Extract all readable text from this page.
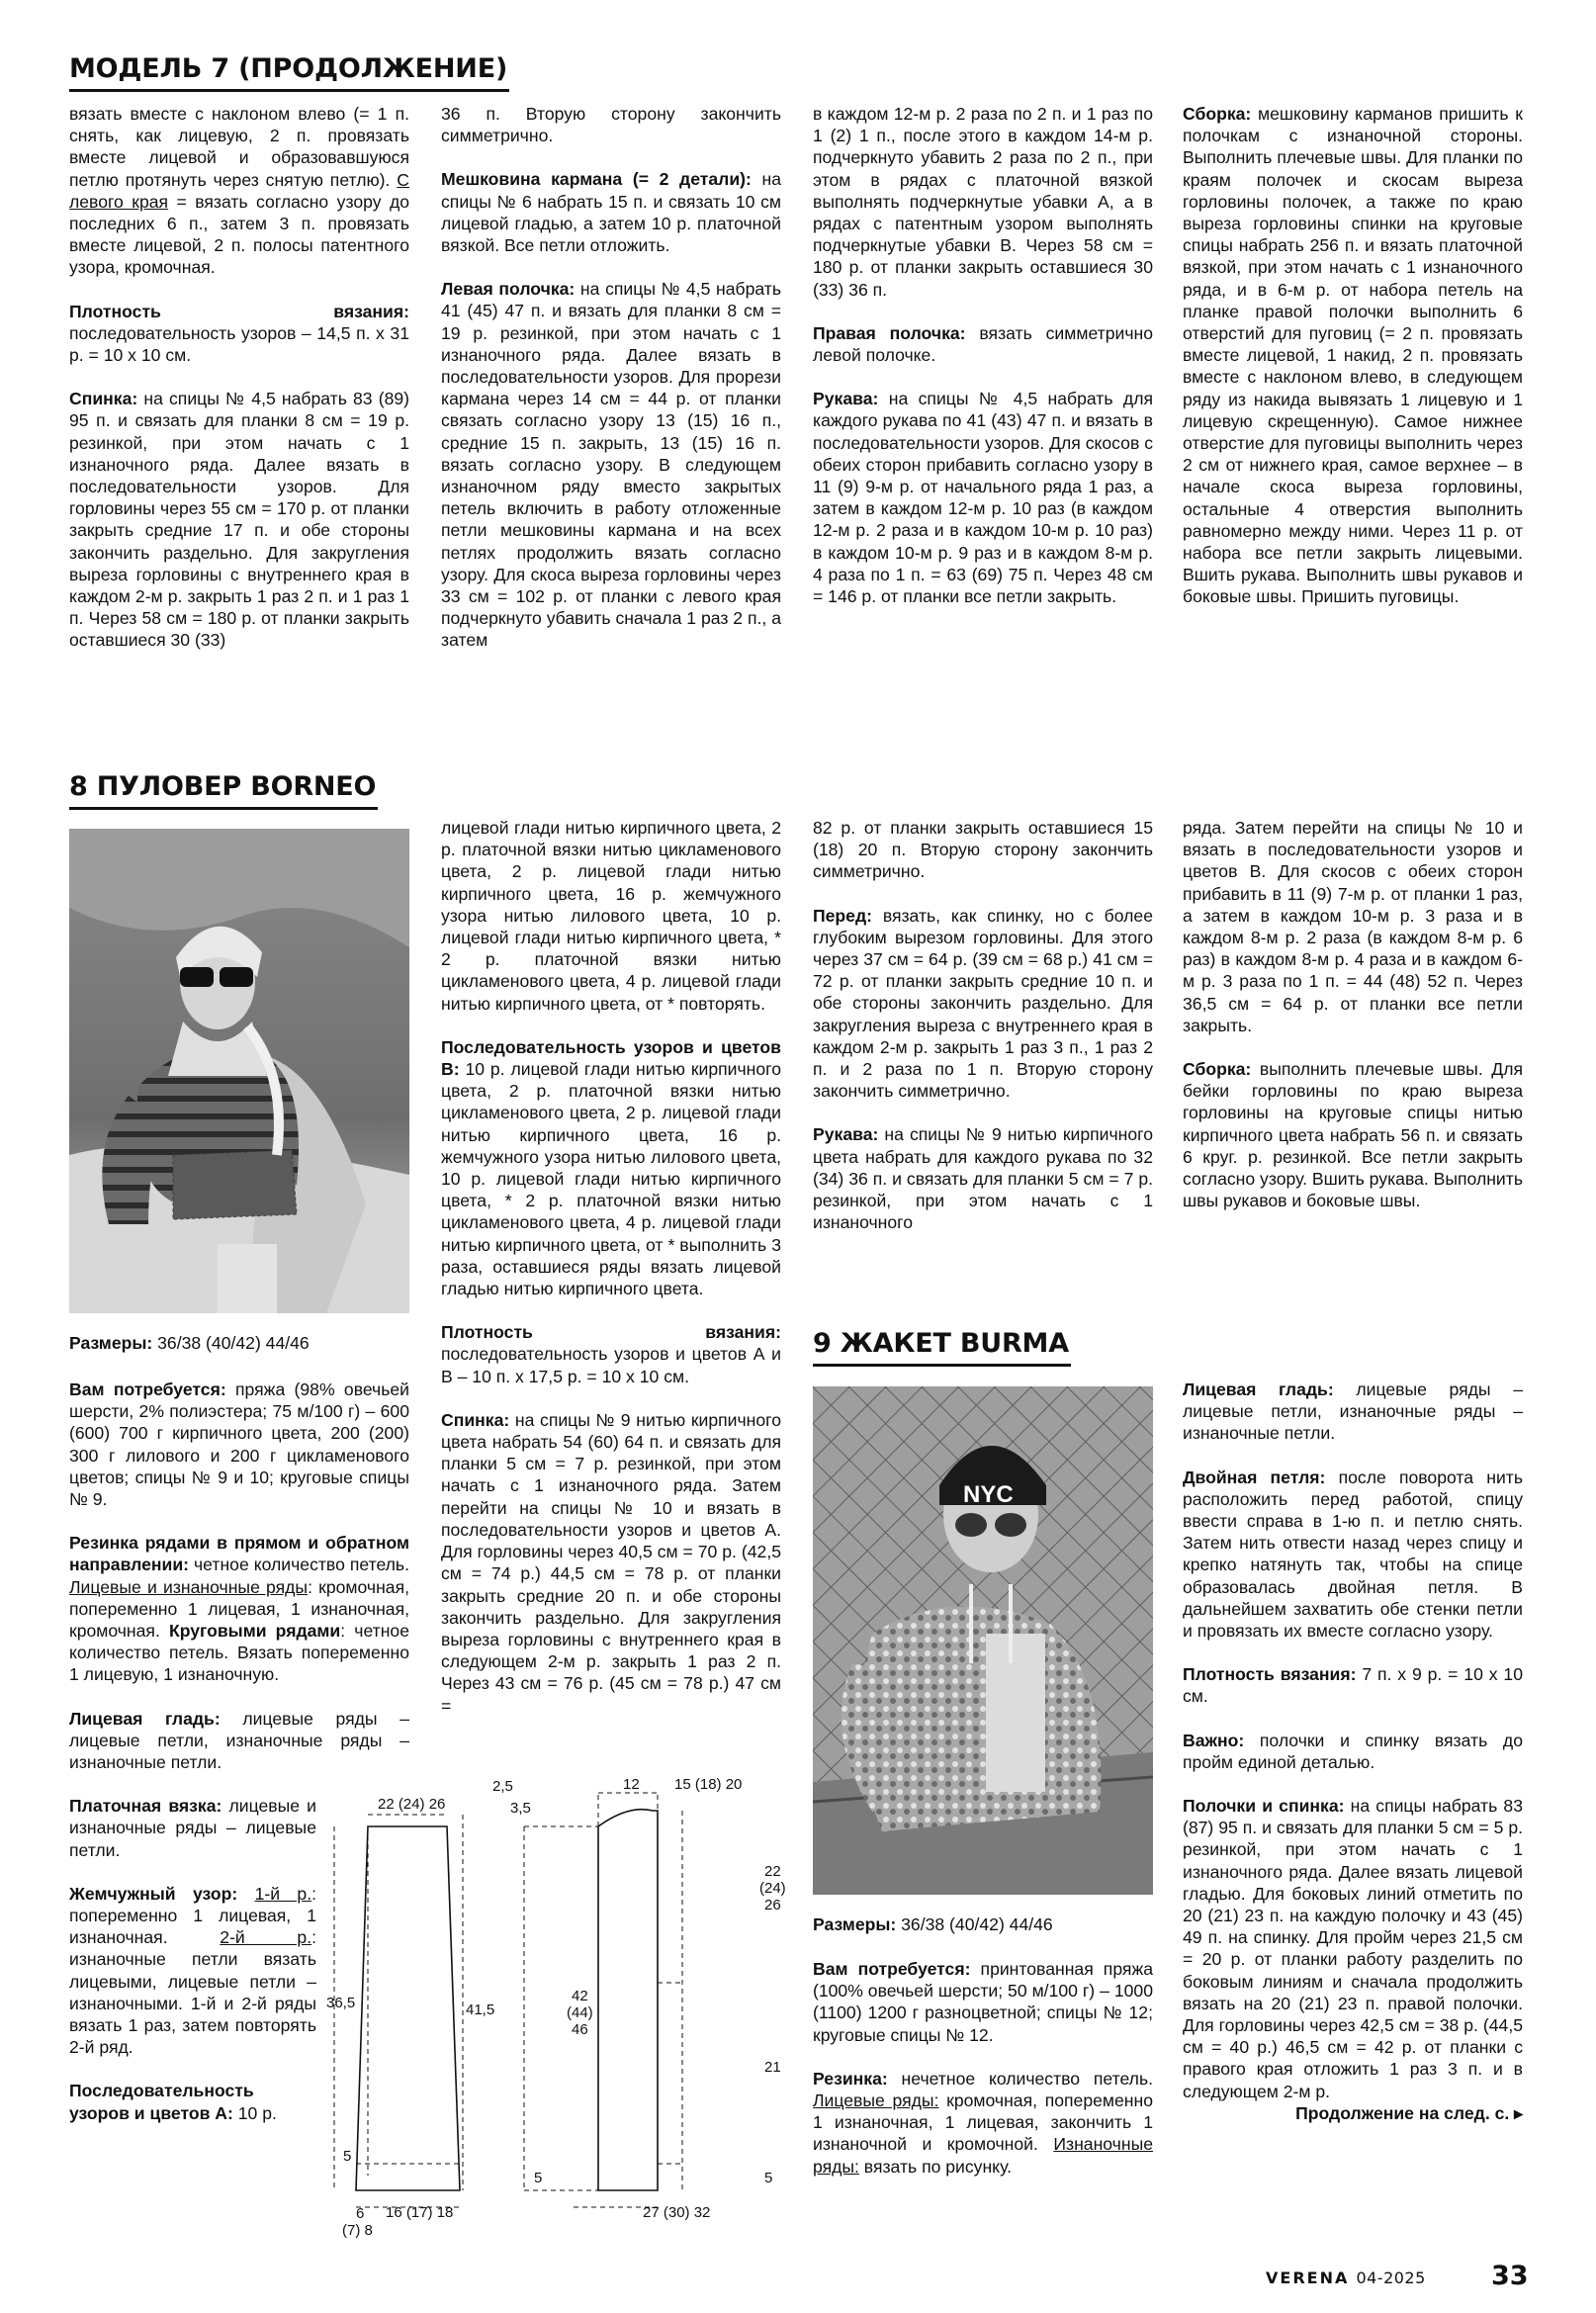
МОДЕЛЬ 7 (ПРОДОЛЖЕНИЕ)

вязать вместе с наклоном влево (= 1 п. снять, как лицевую, 2 п. провязать вместе лицевой и образовавшуюся петлю протянуть через снятую петлю). С левого края = вязать согласно узору до последних 6 п., затем 3 п. провязать вместе лицевой, 2 п. полосы патентного узора, кромочная.

Плотность вязания: последовательность узоров – 14,5 п. х 31 р. = 10 х 10 см.

Спинка: на спицы № 4,5 набрать 83 (89) 95 п. и связать для планки 8 см = 19 р. резинкой, при этом начать с 1 изнаночного ряда. Далее вязать в последовательности узоров. Для горловины через 55 см = 170 р. от планки закрыть средние 17 п. и обе стороны закончить раздельно. Для закругления выреза горловины с внутреннего края в каждом 2-м р. закрыть 1 раз 2 п. и 1 раз 1 п. Через 58 см = 180 р. от планки закрыть оставшиеся 30 (33)

36 п. Вторую сторону закончить симметрично.

Мешковина кармана (= 2 детали): на спицы № 6 набрать 15 п. и связать 10 см лицевой гладью, а затем 10 р. платочной вязкой. Все петли отложить.

Левая полочка: на спицы № 4,5 набрать 41 (45) 47 п. и вязать для планки 8 см = 19 р. резинкой, при этом начать с 1 изнаночного ряда. Далее вязать в последовательности узоров. Для прорези кармана через 14 см = 44 р. от планки связать согласно узору 13 (15) 16 п., средние 15 п. закрыть, 13 (15) 16 п. вязать согласно узору. В следующем изнаночном ряду вместо закрытых петель включить в работу отложенные петли мешковины кармана и на всех петлях продолжить вязать согласно узору. Для скоса выреза горловины через 33 см = 102 р. от планки с левого края подчеркнуто убавить сначала 1 раз 2 п., а затем

в каждом 12-м р. 2 раза по 2 п. и 1 раз по 1 (2) 1 п., после этого в каждом 14-м р. подчеркнуто убавить 2 раза по 2 п., при этом в рядах с платочной вязкой выполнять подчеркнутые убавки А, а в рядах с патентным узором выполнять подчеркнутые убавки В. Через 58 см = 180 р. от планки закрыть оставшиеся 30 (33) 36 п.

Правая полочка: вязать симметрично левой полочке.

Рукава: на спицы № 4,5 набрать для каждого рукава по 41 (43) 47 п. и вязать в последовательности узоров. Для скосов с обеих сторон прибавить согласно узору в 11 (9) 9-м р. от начального ряда 1 раз, а затем в каждом 12-м р. 10 раз (в каждом 12-м р. 2 раза и в каждом 10-м р. 10 раз) в каждом 10-м р. 9 раз и в каждом 8-м р. 4 раза по 1 п. = 63 (69) 75 п. Через 48 см = 146 р. от планки все петли закрыть.

Сборка: мешковину карманов пришить к полочкам с изнаночной стороны. Выполнить плечевые швы. Для планки по краям полочек и скосам выреза горловины полочек, а также по краю выреза горловины спинки на круговые спицы набрать 256 п. и вязать платочной вязкой, при этом начать с 1 изнаночного ряда, и в 6-м р. от набора петель на планке правой полочки выполнить 6 отверстий для пуговиц (= 2 п. провязать вместе лицевой, 1 накид, 2 п. провязать вместе с наклоном влево, в следующем ряду из накида вывязать 1 лицевую и 1 лицевую скрещенную). Самое нижнее отверстие для пуговицы выполнить через 2 см от нижнего края, самое верхнее – в начале скоса выреза горловины, остальные 4 отверстия выполнить равномерно между ними. Через 11 р. от набора все петли закрыть лицевыми. Вшить рукава. Выполнить швы рукавов и боковые швы. Пришить пуговицы.

8 ПУЛОВЕР BORNEO
Размеры: 36/38 (40/42) 44/46

Вам потребуется: пряжа (98% овечьей шерсти, 2% полиэстера; 75 м/100 г) – 600 (600) 700 г кирпичного цвета, 200 (200) 300 г лилового и 200 г цикламенового цветов; спицы № 9 и 10; круговые спицы № 9.

Резинка рядами в прямом и обратном направлении: четное количество петель. Лицевые и изнаночные ряды: кромочная, попеременно 1 лицевая, 1 изнаночная, кромочная. Круговыми рядами: четное количество петель. Вязать попеременно 1 лицевую, 1 изнаночную.

Лицевая гладь: лицевые ряды – лицевые петли, изнаночные ряды – изнаночные петли.

Платочная вязка: лицевые и изнаночные ряды – лицевые петли.

Жемчужный узор: 1-й р.: попеременно 1 лицевая, 1 изнаночная. 2-й р.: изнаночные петли вязать лицевыми, лицевые петли – изнаночными. 1-й и 2-й ряды вязать 1 раз, затем повторять 2-й ряд.

Последовательность узоров и цветов А: 10 р.

лицевой глади нитью кирпичного цвета, 2 р. платочной вязки нитью цикламенового цвета, 2 р. лицевой глади нитью кирпичного цвета, 16 р. жемчужного узора нитью лилового цвета, 10 р. лицевой глади нитью кирпичного цвета, * 2 р. платочной вязки нитью цикламенового цвета, 4 р. лицевой глади нитью кирпичного цвета, от * повторять.

Последовательность узоров и цветов В: 10 р. лицевой глади нитью кирпичного цвета, 2 р. платочной вязки нитью цикламенового цвета, 2 р. лицевой глади нитью кирпичного цвета, 16 р. жемчужного узора нитью лилового цвета, 10 р. лицевой глади нитью кирпичного цвета, * 2 р. платочной вязки нитью цикламенового цвета, 4 р. лицевой глади нитью кирпичного цвета, от * выполнить 3 раза, оставшиеся ряды вязать лицевой гладью нитью кирпичного цвета.

Плотность вязания: последовательность узоров и цветов А и В – 10 п. х 17,5 р. = 10 х 10 см.

Спинка: на спицы № 9 нитью кирпичного цвета набрать 54 (60) 64 п. и связать для планки 5 см = 7 р. резинкой, при этом начать с 1 изнаночного ряда. Затем перейти на спицы № 10 и вязать в последовательности узоров и цветов А. Для горловины через 40,5 см = 70 р. (42,5 см = 74 р.) 44,5 см = 78 р. от планки закрыть средние 20 п. и обе стороны закончить раздельно. Для закругления выреза горловины с внутреннего края в следующем 2-м р. закрыть 1 раз 2 п. Через 43 см = 76 р. (45 см = 78 р.) 47 см =

82 р. от планки закрыть оставшиеся 15 (18) 20 п. Вторую сторону закончить симметрично.

Перед: вязать, как спинку, но с более глубоким вырезом горловины. Для этого через 37 см = 64 р. (39 см = 68 р.) 41 см = 72 р. от планки закрыть средние 10 п. и обе стороны закончить раздельно. Для закругления выреза с внутреннего края в каждом 2-м р. закрыть 1 раз 3 п., 1 раз 2 п. и 2 раза по 1 п. Вторую сторону закончить симметрично.

Рукава: на спицы № 9 нитью кирпичного цвета набрать для каждого рукава по 32 (34) 36 п. и связать для планки 5 см = 7 р. резинкой, при этом начать с 1 изнаночного

ряда. Затем перейти на спицы № 10 и вязать в последовательности узоров и цветов В. Для скосов с обеих сторон прибавить в 11 (9) 7-м р. от планки 1 раз, а затем в каждом 10-м р. 3 раза и в каждом 8-м р. 2 раза (в каждом 8-м р. 6 раз) в каждом 8-м р. 4 раза и в каждом 6-м р. 3 раза по 1 п. = 44 (48) 52 п. Через 36,5 см = 64 р. от планки все петли закрыть.

Сборка: выполнить плечевые швы. Для бейки горловины по краю выреза горловины на круговые спицы нитью кирпичного цвета набрать 56 п. и связать 6 круг. р. резинкой. Все петли закрыть согласно узору. Вшить рукава. Выполнить швы рукавов и боковые швы.

22 (24) 26
36,5
5
6 16 (17) 18
41,5
2,5
3,5
42
(44)
46
5
12 15 (18) 20
22
(24)
26
21
5
27 (30) 32
(7) 8
9 ЖАКЕТ BURMA
NYC
Размеры: 36/38 (40/42) 44/46

Вам потребуется: принтованная пряжа (100% овечьей шерсти; 50 м/100 г) – 1000 (1100) 1200 г разноцветной; спицы № 12; круговые спицы № 12.

Резинка: нечетное количество петель. Лицевые ряды: кромочная, попеременно 1 изнаночная, 1 лицевая, закончить 1 изнаночной и кромочной. Изнаночные ряды: вязать по рисунку.

Лицевая гладь: лицевые ряды – лицевые петли, изнаночные ряды – изнаночные петли.

Двойная петля: после поворота нить расположить перед работой, спицу ввести справа в 1-ю п. и петлю снять. Затем нить отвести назад через спицу и крепко натянуть так, чтобы на спице образовалась двойная петля. В дальнейшем захватить обе стенки петли и провязать их вместе согласно узору.

Плотность вязания: 7 п. х 9 р. = 10 х 10 см.

Важно: полочки и спинку вязать до пройм единой деталью.

Полочки и спинка: на спицы набрать 83 (87) 95 п. и связать для планки 5 см = 5 р. резинкой, при этом начать с 1 изнаночного ряда. Далее вязать лицевой гладью. Для боковых линий отметить по 20 (21) 23 п. на каждую полочку и 43 (45) 49 п. на спинку. Для пройм через 21,5 см = 20 р. от планки работу разделить по боковым линиям и сначала продолжить вязать на 20 (21) 23 п. правой полочки. Для горловины через 42,5 см = 38 р. (44,5 см = 40 р.) 46,5 см = 42 р. от планки с правого края отложить 1 раз 3 п. и в следующем 2-м р.

Продолжение на след. с. ▸
VERENA 04-2025 33
